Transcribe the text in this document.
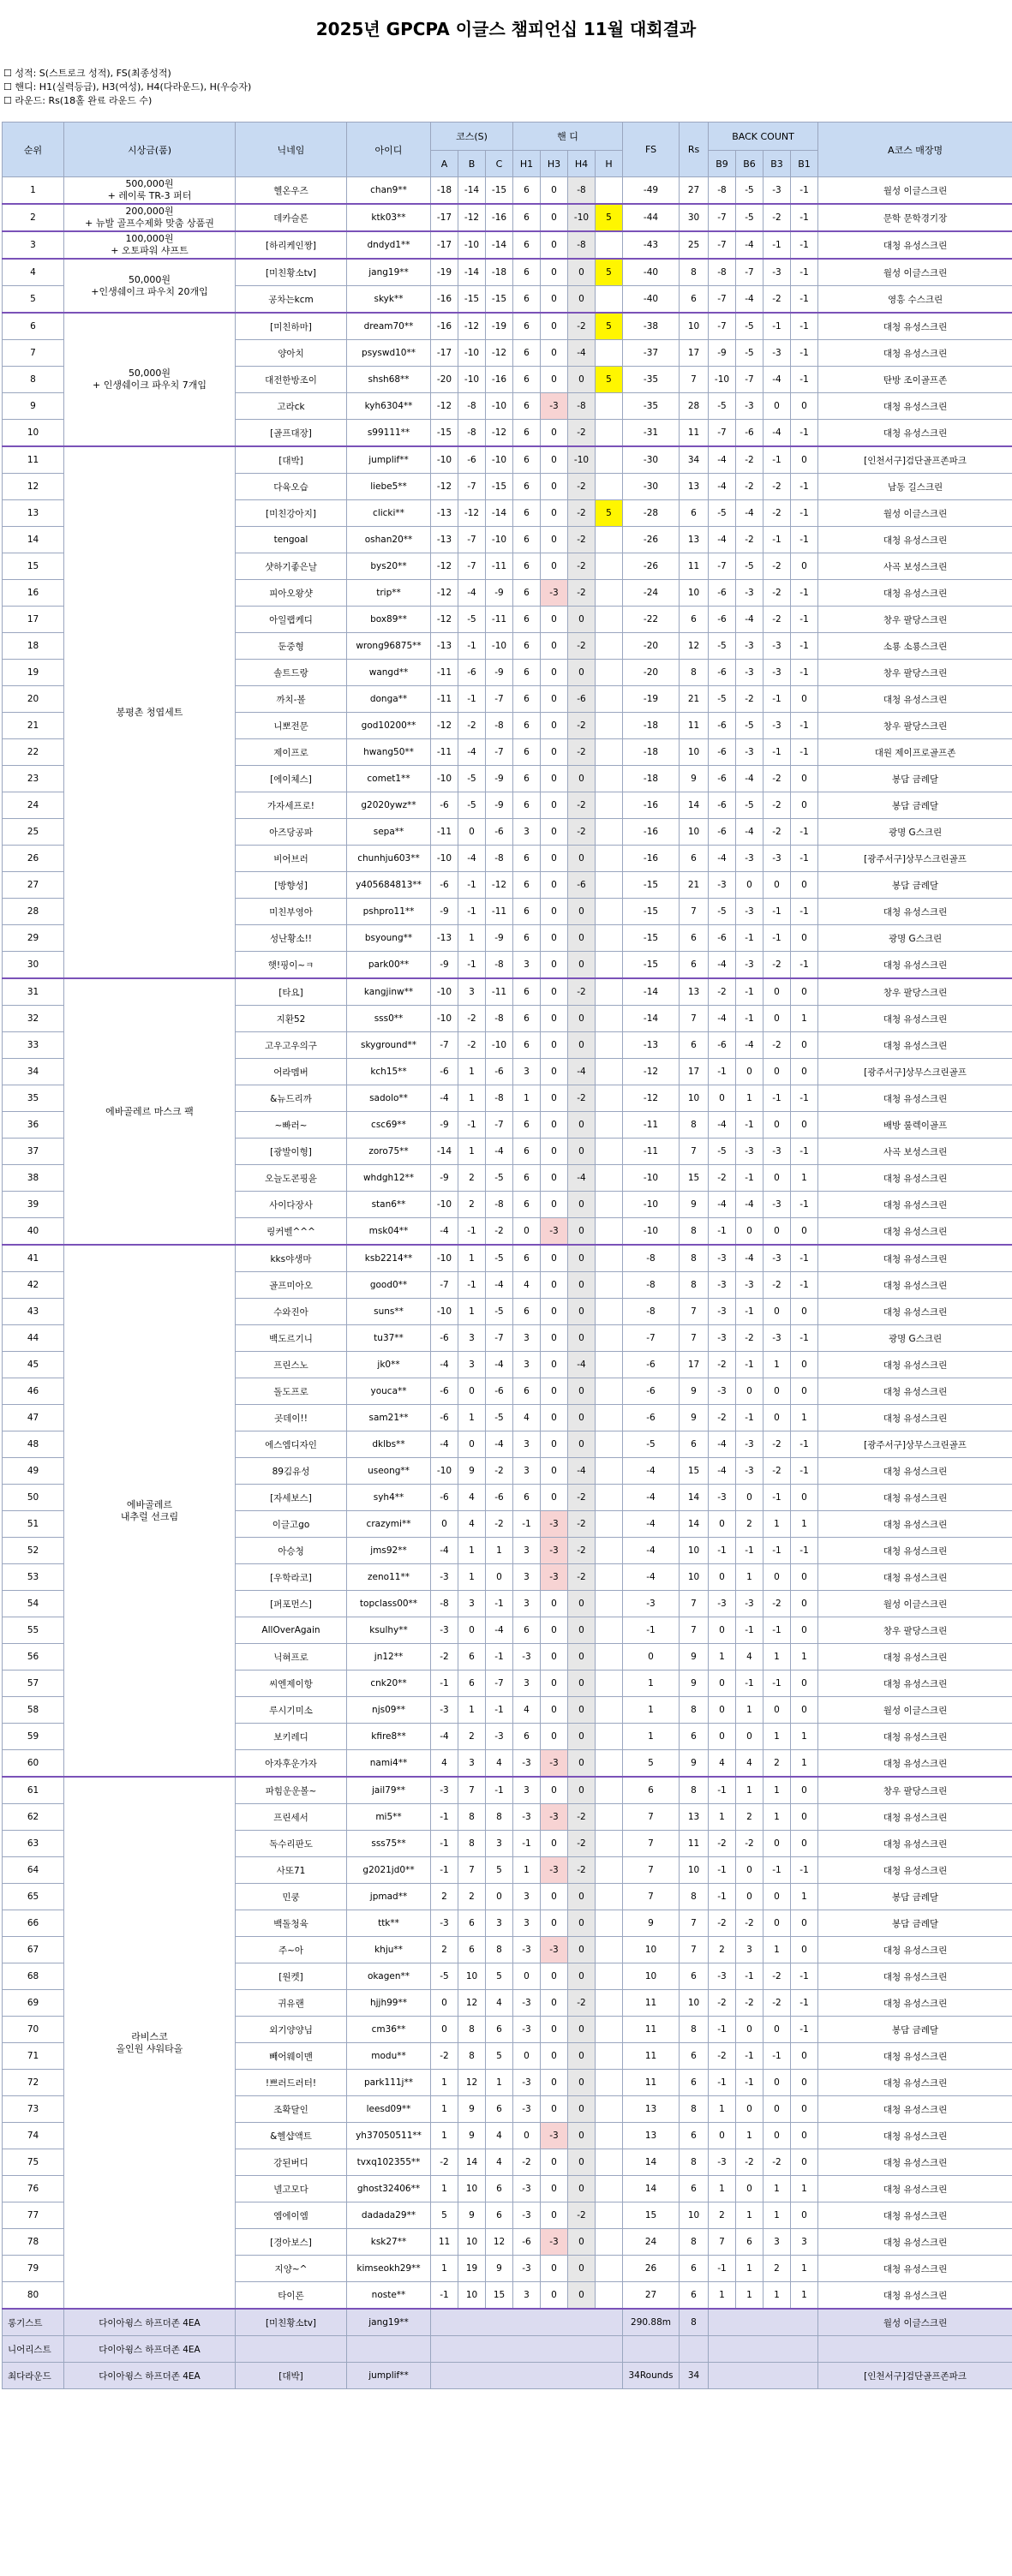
2025년 GPCPA 이글스 챔피언십 11월 대회결과
☐ 성적: S(스트로크 성적), FS(최종성적)
☐ 핸디: H1(실력등급), H3(여성), H4(다라운드), H(우승자)
☐ 라운드: Rs(18홀 완료 라운드 수)
순위	시상금(품)	닉네임	아이디	코스(S)			핸 디				FS	Rs	BACK COUNT				A코스 매장명
				A	B	C	H1	H3	H4	H			B9	B6	B3	B1	
1	500,000원
+ 레이룩 TR-3 퍼터	헬온우즈	chan9**	-18	-14	-15	6	0	-8		-49	27	-8	-5	-3	-1	월성 이글스크린
2	200,000원
+ 뉴발 골프수제화 맞춤 상품권	데카슬론	ktk03**	-17	-12	-16	6	0	-10	5	-44	30	-7	-5	-2	-1	문학 문학경기장
3	100,000원
+ 오토파워 샤프트	[하리케인짱]	dndyd1**	-17	-10	-14	6	0	-8		-43	25	-7	-4	-1	-1	대청 유성스크린
4	50,000원
+인생쉐이크 파우치 20개입	[미친황소tv]	jang19**	-19	-14	-18	6	0	0	5	-40	8	-8	-7	-3	-1	월성 이글스크린
5		공차는kcm	skyk**	-16	-15	-15	6	0	0		-40	6	-7	-4	-2	-1	영흥 수스크린
6	50,000원
+ 인생쉐이크 파우치 7개입	[미친하마]	dream70**	-16	-12	-19	6	0	-2	5	-38	10	-7	-5	-1	-1	대청 유성스크린
7		양아치	psyswd10**	-17	-10	-12	6	0	-4		-37	17	-9	-5	-3	-1	대청 유성스크린
8		대전한방조이	shsh68**	-20	-10	-16	6	0	0	5	-35	7	-10	-7	-4	-1	탄방 조이골프존
9		고라ck	kyh6304**	-12	-8	-10	6	-3	-8		-35	28	-5	-3	0	0	대청 유성스크린
10		[골프대장]	s99111**	-15	-8	-12	6	0	-2		-31	11	-7	-6	-4	-1	대청 유성스크린
11	봉평촌 청엽세트	[대박]	jumplif**	-10	-6	-10	6	0	-10		-30	34	-4	-2	-1	0	[인천서구]검단골프존파크
12		다육오습	liebe5**	-12	-7	-15	6	0	-2		-30	13	-4	-2	-2	-1	남동 길스크린
13		[미친강아지]	clicki**	-13	-12	-14	6	0	-2	5	-28	6	-5	-4	-2	-1	월성 이글스크린
14		tengoal	oshan20**	-13	-7	-10	6	0	-2		-26	13	-4	-2	-1	-1	대청 유성스크린
15		샷하기좋은날	bys20**	-12	-7	-11	6	0	-2		-26	11	-7	-5	-2	0	사곡 보성스크린
16		피아오왕샷	trip**	-12	-4	-9	6	-3	-2		-24	10	-6	-3	-2	-1	대청 유성스크린
17		아일랩케디	box89**	-12	-5	-11	6	0	0		-22	6	-6	-4	-2	-1	창우 팔당스크린
18		둔중형	wrong96875**	-13	-1	-10	6	0	-2		-20	12	-5	-3	-3	-1	소룡 소룡스크린
19		솔트드랑	wangd**	-11	-6	-9	6	0	0		-20	8	-6	-3	-3	-1	창우 팔당스크린
20		까치-볼	donga**	-11	-1	-7	6	0	-6		-19	21	-5	-2	-1	0	대청 유성스크린
21		니뽀전문	god10200**	-12	-2	-8	6	0	-2		-18	11	-6	-5	-3	-1	창우 팔당스크린
22		제이프로	hwang50**	-11	-4	-7	6	0	-2		-18	10	-6	-3	-1	-1	대원 제이프로골프존
23		[에이체스]	comet1**	-10	-5	-9	6	0	0		-18	9	-6	-4	-2	0	봉담 금례달
24		가자세프로!	g2020ywz**	-6	-5	-9	6	0	-2		-16	14	-6	-5	-2	0	봉담 금례달
25		아즈당공파	sepa**	-11	0	-6	3	0	-2		-16	10	-6	-4	-2	-1	광명 G스크린
26		비어브러	chunhju603**	-10	-4	-8	6	0	0		-16	6	-4	-3	-3	-1	[광주서구]상무스크린골프
27		[방향성]	y405684813**	-6	-1	-12	6	0	-6		-15	21	-3	0	0	0	봉담 금례달
28		미친부영아	pshpro11**	-9	-1	-11	6	0	0		-15	7	-5	-3	-1	-1	대청 유성스크린
29		성난황소!!	bsyoung**	-13	1	-9	6	0	0		-15	6	-6	-1	-1	0	광명 G스크린
30		햇!핑이~ㅋ	park00**	-9	-1	-8	3	0	0		-15	6	-4	-3	-2	-1	대청 유성스크린
31	에바골레르 마스크 팩	[타요]	kangjinw**	-10	3	-11	6	0	-2		-14	13	-2	-1	0	0	창우 팔당스크린
32		지환52	sss0**	-10	-2	-8	6	0	0		-14	7	-4	-1	0	1	대청 유성스크린
33		고우고우의구	skyground**	-7	-2	-10	6	0	0		-13	6	-6	-4	-2	0	대청 유성스크린
34		어라멤버	kch15**	-6	1	-6	3	0	-4		-12	17	-1	0	0	0	[광주서구]상무스크린골프
35		&뉴드리까	sadolo**	-4	1	-8	1	0	-2		-12	10	0	1	-1	-1	대청 유성스크린
36		~빠러~	csc69**	-9	-1	-7	6	0	0		-11	8	-4	-1	0	0	배방 룰렉이골프
37		[광발이형]	zoro75**	-14	1	-4	6	0	0		-11	7	-5	-3	-3	-1	사곡 보성스크린
38		오늘도콘핑윤	whdgh12**	-9	2	-5	6	0	-4		-10	15	-2	-1	0	1	대청 유성스크린
39		사이다장사	stan6**	-10	2	-8	6	0	0		-10	9	-4	-4	-3	-1	대청 유성스크린
40		링커벨^^^	msk04**	-4	-1	-2	0	-3	0		-10	8	-1	0	0	0	대청 유성스크린
41	에바골레르
내추럴 선크림	kks야생마	ksb2214**	-10	1	-5	6	0	0		-8	8	-3	-4	-3	-1	대청 유성스크린
42		골프미아오	good0**	-7	-1	-4	4	0	0		-8	8	-3	-3	-2	-1	대청 유성스크린
43		수와진아	suns**	-10	1	-5	6	0	0		-8	7	-3	-1	0	0	대청 유성스크린
44		백도르기니	tu37**	-6	3	-7	3	0	0		-7	7	-3	-2	-3	-1	광명 G스크린
45		프린스노	jk0**	-4	3	-4	3	0	-4		-6	17	-2	-1	1	0	대청 유성스크린
46		돌도프로	youca**	-6	0	-6	6	0	0		-6	9	-3	0	0	0	대청 유성스크린
47		곳데이!!	sam21**	-6	1	-5	4	0	0		-6	9	-2	-1	0	1	대청 유성스크린
48		에스엠디자인	dklbs**	-4	0	-4	3	0	0		-5	6	-4	-3	-2	-1	[광주서구]상무스크린골프
49		89김유성	useong**	-10	9	-2	3	0	-4		-4	15	-4	-3	-2	-1	대청 유성스크린
50		[자세보스]	syh4**	-6	4	-6	6	0	-2		-4	14	-3	0	-1	0	대청 유성스크린
51		이글고go	crazymi**	0	4	-2	-1	-3	-2		-4	14	0	2	1	1	대청 유성스크린
52		아승청	jms92**	-4	1	1	3	-3	-2		-4	10	-1	-1	-1	-1	대청 유성스크린
53		[우학라코]	zeno11**	-3	1	0	3	-3	-2		-4	10	0	1	0	0	대청 유성스크린
54		[퍼포먼스]	topclass00**	-8	3	-1	3	0	0		-3	7	-3	-3	-2	0	월성 이글스크린
55		AllOverAgain	ksulhy**	-3	0	-4	6	0	0		-1	7	0	-1	-1	0	창우 팔당스크린
56		닉혀프로	jn12**	-2	6	-1	-3	0	0		0	9	1	4	1	1	대청 유성스크린
57		씨엔제이항	cnk20**	-1	6	-7	3	0	0		1	9	0	-1	-1	0	대청 유성스크린
58		루시기미소	njs09**	-3	1	-1	4	0	0		1	8	0	1	0	0	월성 이글스크린
59		보키레디	kfire8**	-4	2	-3	6	0	0		1	6	0	0	1	1	대청 유성스크린
60		아자후운가자	nami4**	4	3	4	-3	-3	0		5	9	4	4	2	1	대청 유성스크린
61	라비스코
올인원 샤워타올	파힘운운볼~	jail79**	-3	7	-1	3	0	0		6	8	-1	1	1	0	창우 팔당스크린
62		프린세서	mi5**	-1	8	8	-3	-3	-2		7	13	1	2	1	0	대청 유성스크린
63		독수리판도	sss75**	-1	8	3	-1	0	-2		7	11	-2	-2	0	0	대청 유성스크린
64		사또71	g2021jd0**	-1	7	5	1	-3	-2		7	10	-1	0	-1	-1	대청 유성스크린
65		민쿵	jpmad**	2	2	0	3	0	0		7	8	-1	0	0	1	봉담 금례달
66		백돌청육	ttk**	-3	6	3	3	0	0		9	7	-2	-2	0	0	봉담 금례달
67		주~아	khju**	2	6	8	-3	-3	0		10	7	2	3	1	0	대청 유성스크린
68		[원켓]	okagen**	-5	10	5	0	0	0		10	6	-3	-1	-2	-1	대청 유성스크린
69		귀유랜	hjjh99**	0	12	4	-3	0	-2		11	10	-2	-2	-2	-1	대청 유성스크린
70		외기양양님	cm36**	0	8	6	-3	0	0		11	8	-1	0	0	-1	봉담 금례달
71		빼어웨이맨	modu**	-2	8	5	0	0	0		11	6	-2	-1	-1	0	대청 유성스크린
72		!쁘러드러터!	park111j**	1	12	1	-3	0	0		11	6	-1	-1	0	0	대청 유성스크린
73		조확달인	leesd09**	1	9	6	-3	0	0		13	8	1	0	0	0	대청 유성스크린
74		&헬샵액트	yh37050511**	1	9	4	0	-3	0		13	6	0	1	0	0	대청 유성스크린
75		강된버디	tvxq102355**	-2	14	4	-2	0	0		14	8	-3	-2	-2	0	대청 유성스크린
76		넬고모다	ghost32406**	1	10	6	-3	0	0		14	6	1	0	1	1	대청 유성스크린
77		엠에이엠	dadada29**	5	9	6	-3	0	-2		15	10	2	1	1	0	대청 유성스크린
78		[경아보스]	ksk27**	11	10	12	-6	-3	0		24	8	7	6	3	3	대청 유성스크린
79		지양~^	kimseokh29**	1	19	9	-3	0	0		26	6	-1	1	2	1	대청 유성스크린
80		타이론	noste**	-1	10	15	3	0	0		27	6	1	1	1	1	대청 유성스크린
롱기스트	다이아윙스 하프더존 4EA	[미친황소tv]	jang19**								290.88m	8					월성 이글스크린
니어리스트	다이아윙스 하프더존 4EA																
최다라운드	다이아윙스 하프더존 4EA	[대박]	jumplif**								34Rounds	34					[인천서구]검단골프존파크
